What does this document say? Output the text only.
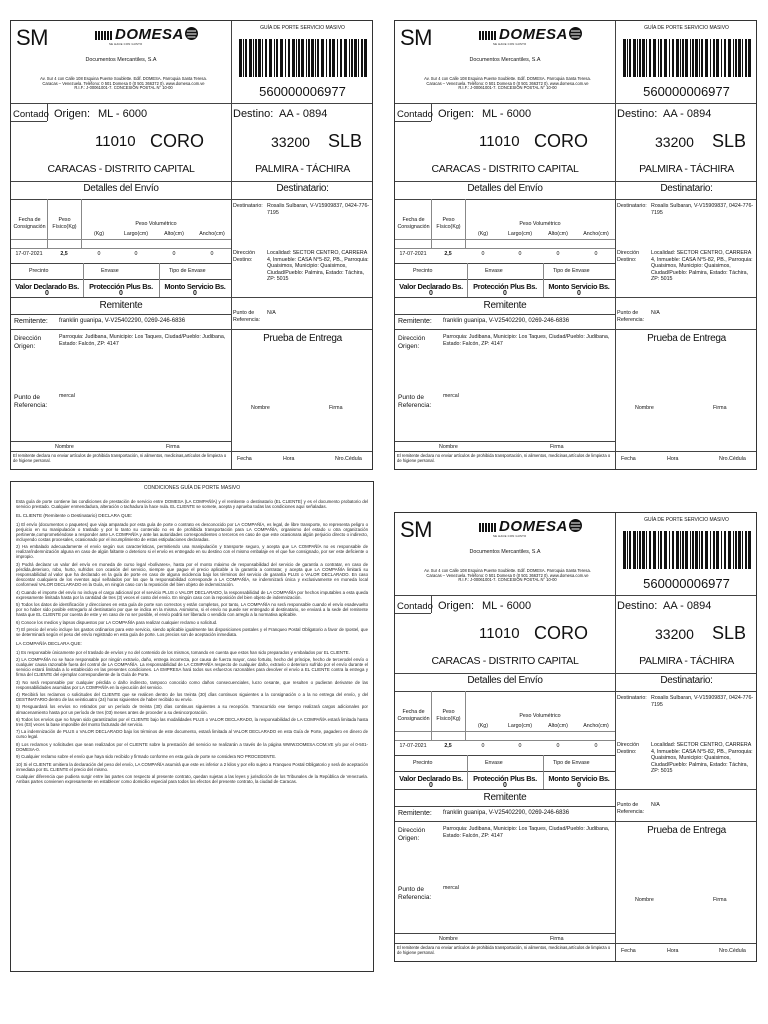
SM	DOMESA
SE HACE CON GUSTO
Documentos Mercantiles, S.A
Av. Sur 4 con Calle 108 Esquina Puente Soublette. Edif. DOMESA. Parroquia Santa Teresa.
Caracas – Venezuela. Teléfono: 0 501 Domesa 0 (0 501 366372 0). www.domesa.com.ve
R.I.F.: J-00061001-7. CONCESIÓN POSTAL N° 10-00
GUÍA DE PORTE SERVICIO MASIVO
560000006977
Contado Origen: ML - 6000
11010 CORO
CARACAS - DISTRITO CAPITAL
Destino: AA - 0894
33200 SLB
PALMIRA - TÁCHIRA
Detalles del Envío	Destinatario:
Fecha de Consignación
Peso Físico(Kg)	Peso Volumétrico
(Kg)	Largo(cm)	Alto(cm)	Ancho(cm)
17-07-2021	2,5	0	0	0	0
Precinto	Envase	Tipo de Envase
Valor Declarado Bs.
0
Protección Plus Bs.
0
Monto Servicio Bs.
0
Remitente
Remitente: franklin guanipa, V-V25402290, 0269-246-6836
Dirección Origen:
Parroquia: Judibana, Municipio: Los Taques, Ciudad/Pueblo: Judibana, Estado: Falcón, ZP: 4147
Punto de Referencia:
mercal
Nombre	Firma
El remitente declara no enviar artículos de prohibida transportación, ni alimentos, medicinas,artículos de limpieza o de higiene personal.
Destinatario: Rosalis Sulbaran, V-V15909837, 0424-776-7195
Dirección Destino:
Localidad: SECTOR CENTRO, CARRERA 4, Inmueble: CASA N°5-82, PB., Parroquia: Quaisimos, Municipio: Quaisimos, Ciudad/Pueblo: Palmira, Estado: Táchira, ZP: 5015
Punto de Referencia:
N/A
Prueba de Entrega
Nombre	Firma
Fecha	Hora	Nro.Cédula
SM	DOMESA
SE HACE CON GUSTO
Documentos Mercantiles, S.A
Av. Sur 4 con Calle 108 Esquina Puente Soublette. Edif. DOMESA. Parroquia Santa Teresa.
Caracas – Venezuela. Teléfono: 0 501 Domesa 0 (0 501 366372 0). www.domesa.com.ve
R.I.F.: J-00061001-7. CONCESIÓN POSTAL N° 10-00
GUÍA DE PORTE SERVICIO MASIVO
560000006977
Contado Origen: ML - 6000
11010 CORO
CARACAS - DISTRITO CAPITAL
Destino: AA - 0894
33200 SLB
PALMIRA - TÁCHIRA
Detalles del Envío	Destinatario:
Fecha de Consignación
Peso Físico(Kg)	Peso Volumétrico
(Kg)	Largo(cm)	Alto(cm)	Ancho(cm)
17-07-2021	2,5	0	0	0	0
Precinto	Envase	Tipo de Envase
Valor Declarado Bs.
0
Protección Plus Bs.
0
Monto Servicio Bs.
0
Remitente
Remitente: franklin guanipa, V-V25402290, 0269-246-6836
Dirección Origen:
Parroquia: Judibana, Municipio: Los Taques, Ciudad/Pueblo: Judibana, Estado: Falcón, ZP: 4147
Punto de Referencia:
mercal
Nombre	Firma
El remitente declara no enviar artículos de prohibida transportación, ni alimentos, medicinas,artículos de limpieza o de higiene personal.
Destinatario: Rosalis Sulbaran, V-V15909837, 0424-776-7195
Dirección Destino:
Localidad: SECTOR CENTRO, CARRERA 4, Inmueble: CASA N°5-82, PB., Parroquia: Quaisimos, Municipio: Quaisimos, Ciudad/Pueblo: Palmira, Estado: Táchira, ZP: 5015
Punto de Referencia:
N/A
Prueba de Entrega
Nombre	Firma
Fecha	Hora	Nro.Cédula
SM	DOMESA
SE HACE CON GUSTO
Documentos Mercantiles, S.A
Av. Sur 4 con Calle 108 Esquina Puente Soublette. Edif. DOMESA. Parroquia Santa Teresa.
Caracas – Venezuela. Teléfono: 0 501 Domesa 0 (0 501 366372 0). www.domesa.com.ve
R.I.F.: J-00061001-7. CONCESIÓN POSTAL N° 10-00
GUÍA DE PORTE SERVICIO MASIVO
560000006977
Contado Origen: ML - 6000
11010 CORO
CARACAS - DISTRITO CAPITAL
Destino: AA - 0894
33200 SLB
PALMIRA - TÁCHIRA
Detalles del Envío	Destinatario:
Fecha de Consignación
Peso Físico(Kg)	Peso Volumétrico
(Kg)	Largo(cm)	Alto(cm)	Ancho(cm)
17-07-2021	2,5	0	0	0	0
Precinto	Envase	Tipo de Envase
Valor Declarado Bs.
0
Protección Plus Bs.
0
Monto Servicio Bs.
0
Remitente
Remitente: franklin guanipa, V-V25402290, 0269-246-6836
Dirección Origen:
Parroquia: Judibana, Municipio: Los Taques, Ciudad/Pueblo: Judibana, Estado: Falcón, ZP: 4147
Punto de Referencia:
mercal
Nombre	Firma
El remitente declara no enviar artículos de prohibida transportación, ni alimentos, medicinas,artículos de limpieza o de higiene personal.
Destinatario: Rosalis Sulbaran, V-V15909837, 0424-776-7195
Dirección Destino:
Localidad: SECTOR CENTRO, CARRERA 4, Inmueble: CASA N°5-82, PB., Parroquia: Quaisimos, Municipio: Quaisimos, Ciudad/Pueblo: Palmira, Estado: Táchira, ZP: 5015
Punto de Referencia:
N/A
Prueba de Entrega
Nombre	Firma
Fecha	Hora	Nro.Cédula

CONDICIONES GUÍA DE PORTE MASIVO

Esta guía de porte contiene las condiciones de prestación de servicio entre DOMESA (LA COMPAÑÍA) y el remitente o destinatario (EL CLIENTE) y es el documento probatorio del servicio prestado. Cualquier enmendadura, alteración o tachadura la hace nula. EL CLIENTE se somete, acepta y aprueba todas las condiciones aquí señaladas.

EL CLIENTE (Remitente o Destinatario) DECLARA QUE:

1) El envío (documentos o paquetes) que viaja amparado por esta guía de porte o contrato es desconocido por LA COMPAÑÍA, es legal, de libre transporte, no representa peligro o perjuicio en su manipulación o traslado y por lo tanto su contenido no es de prohibida transportación para LA COMPAÑÍA, organismo del estado u otra organización pertinente,comprometiéndose a responder ante LA COMPAÑÍA y ante las autoridades correspondientes o terceros en caso de que este ocasionara algún perjuicio directo o indirecto, incluyendo costas procesales, ocasionado por el incumplimiento de estas estipulaciones declaradas.

2) Ha embalado adecuadamente el envío según sus características, permitiendo una manipulación y transporte seguro, y acepta que LA COMPAÑÍA no es responsable de realizar/indemnización alguna en caso de algún faltante o deterioro si el envío es entregado en su destino con el mismo embalaje en el que fue consignado, por ser este deficiente o impropio.

3) Podrá declarar un valor del envío en moneda de curso legal «bolívares», hasta por el monto máximo de responsabilidad del servicio de garantía a contratar, en caso de pérdida,deterioro, robo, hurto, sufridos con ocasión del servicio, siempre que pague el precio aplicable a la garantía a contratar, y acepta que LA COMPAÑÍA limitará su responsabilidad al valor que ha declarado en la guía de porte en caso de alguna incidencia bajo los términos del servicio de garantía PLUS o VALOR DECLARADO. En caso descontar cualquiera de los eventos aquí señalados por los que la responsabilidad corresponde a LA COMPAÑÍA, se indemnizará única y exclusivamente en moneda local conformeal VALOR DECLARADO en la Guía, en ningún caso con la reposición del bien objeto de indemnización.

4) Cuando el importe del envío no incluya el cargo adicional por el servicio PLUS o VALOR DECLARADO, la responsabilidad de LA COMPAÑÍA por hechos imputables a esta queda expresamente limitada hasta por la cantidad de tres (3) veces el costo del envío. En ningún caso con la reposición del bien objeto de indemnización.

5) Todos los datos de identificación y direcciones en esta guía de porte son correctos y están completos, por tanto, LA COMPAÑÍA no será responsable cuando el envío esadevuelto por no haber sido posible entregarlo al destinatario por que se indica en la misma. Asimismo, si el envío no puede ser entregado al destinatario, se enviará a la sede del remitente hasta que EL CLIENTE por cuenta de este y en caso de no ser posible, el envío podrá ser liberado o vendido con arreglo a la normativa aplicable.

6) Conoce los medios y lapsos dispuestos por LA COMPAÑÍA para realizar cualquier reclamo o solicitud.

7) El precio del envío incluye los gastos ordinarios para este servicio, siendo aplicable igualmente las disposiciones postales y el Franqueo Postal Obligatorio a favor de Ipostel, que se determinará según el peso del envío registrado en esta guía de porte. Los precios son de aceptación inmediata.

LA COMPAÑÍA DECLARA QUE:

1) Es responsable únicamente por el traslado de envíos y no del contenido de los mismos, tomando en cuenta que estos han sido preparados y embalados por EL CLIENTE.

2) LA COMPAÑÍA no se hace responsable por ningún extravío, daño, entrega incorrecta, por causa de fuerza mayor, caso fortuito, hecho del príncipe, hecho de tercerodel envío o cualquier causa razonable fuera del control de LA COMPAÑÍA. La responsabilidad de LA COMPAÑÍA respecto de cualquier daño, extravío o deterioro sufrido por el envío durante el servicio estará limitada a lo establecido en las presentes condiciones. LA EMPRESA hará todos sus esfuerzos razonables para devolver el envío a EL CLIENTE contra la entrega y firma del CLIENTE del ejemplar correspondiente de la Guía de Porte.

3) No será responsable por cualquier pérdida o daño indirecto, tampoco conocido como daños consecuenciales, lucro cesante, que resulten o pudieran derivarse de las responsabilidades asumidas por LA COMPAÑÍA en la ejecución del servicio.

4) Recibirá los reclamos o solicitudes del CLIENTE que se realicen dentro de los treinta (30) días continuos siguientes a la consignación o a la no entrega del envío, y del DESTINATARIO dentro de las veinticuatro (24) horas siguientes de haber recibido su envío.

5) Resguardará los envíos no retirados por un período de treinta (30) días continuos siguientes a su recepción. Transcurrido ese tiempo realizará cargos adicionales por almacenamiento hasta por un período de tres (03) meses antes de proceder a su desincorporación.

6) Todos los envíos que no hayan sido garantizados por el CLIENTE bajo las modalidades PLUS o VALOR DECLARADO, la responsabilidad de LA COMPAÑÍA estará limitada hasta tres (03) veces la base imponible del monto facturado del servicio.

7) La indemnización de PLUS o VALOR DECLARADO bajo los términos de este documento, estará limitada al VALOR DECLARADO en esta Guía de Porte, pagadero en dinero de curso legal.

8) Los reclamos y solicitudes que sean realizados por el CLIENTE sobre la prestación del servicio se realizarán a través de la página WWW.DOMESA.COM.VE y/o por el 0-501-DOMESA-0.

9) Cualquier reclamo sobre el envío que haya sido recibido y firmado conforme en esta guía de porte se considera NO PROCEDENTE.

10) Si el CLIENTE omitiera la declaración del peso del envío, LA COMPAÑÍA asumirá que este es inferior a 2 kilos y por ello sujeto a Franqueo Postal Obligatorio y será de aceptación inmediata por EL CLIENTE el precio del mismo.

Cualquier diferencia que pudiera surgir entre las partes con respecto al presente contrato, quedan sujetas a las leyes y jurisdicción de los Tribunales de la República de Venezuela. Ambas partes convienen expresamente en establecer como domicilio especial para todos los efectos del presente contrato, la ciudad de Caracas.
